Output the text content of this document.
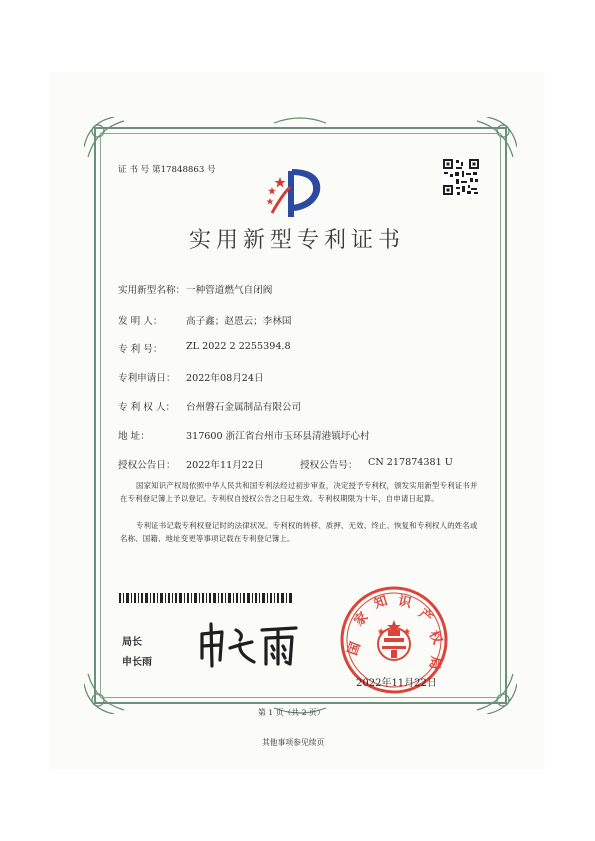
证 书 号 第17848863 号
实用新型专利证书
实用新型名称： 一种管道燃气自闭阀
发 明 人： 高子鑫；赵恩云；李林国
专 利 号： ZL 2022 2 2255394.8
专利申请日： 2022年08月24日
专 利 权 人： 台州磐石金属制品有限公司
地 址：	317600 浙江省台州市玉环县清港镇圩心村
授权公告日： 2022年11月22日	授权公告号： CN 217874381 U
国家知识产权局依照中华人民共和国专利法经过初步审查，决定授予专利权，颁发实用新型专利证书并在专利登记簿上予以登记。专利权自授权公告之日起生效。专利权期限为十年，自申请日起算。
专利证书记载专利权登记时的法律状况。专利权的转移、质押、无效、终止、恢复和专利权人的姓名或名称、国籍、地址变更等事项记载在专利登记簿上。
局长
申长雨
国
家
知 识
产
权
局
2022年11月22日
第 1 页（共 2 页）
其他事项参见续页
